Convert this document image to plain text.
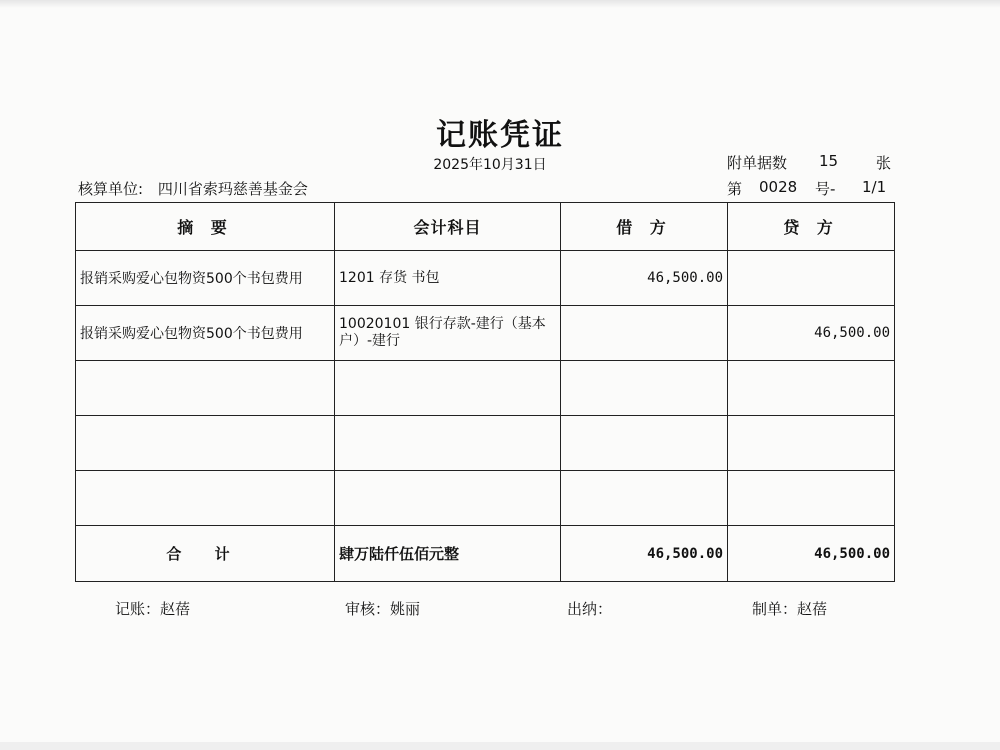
记账凭证
2025年10月31日	附单据数 15	张
核算单位: 四川省索玛慈善基金会	第 0028 号- 1/1
摘 要	会计科目	借 方	贷 方
报销采购爱心包物资500个书包费用	1201 存货 书包	46,500.00	
报销采购爱心包物资500个书包费用	10020101 银行存款-建行（基本户）-建行		46,500.00

合 计	肆万陆仟伍佰元整	46,500.00	46,500.00
记账：赵蓓	审核：姚丽	出纳：	制单：赵蓓
